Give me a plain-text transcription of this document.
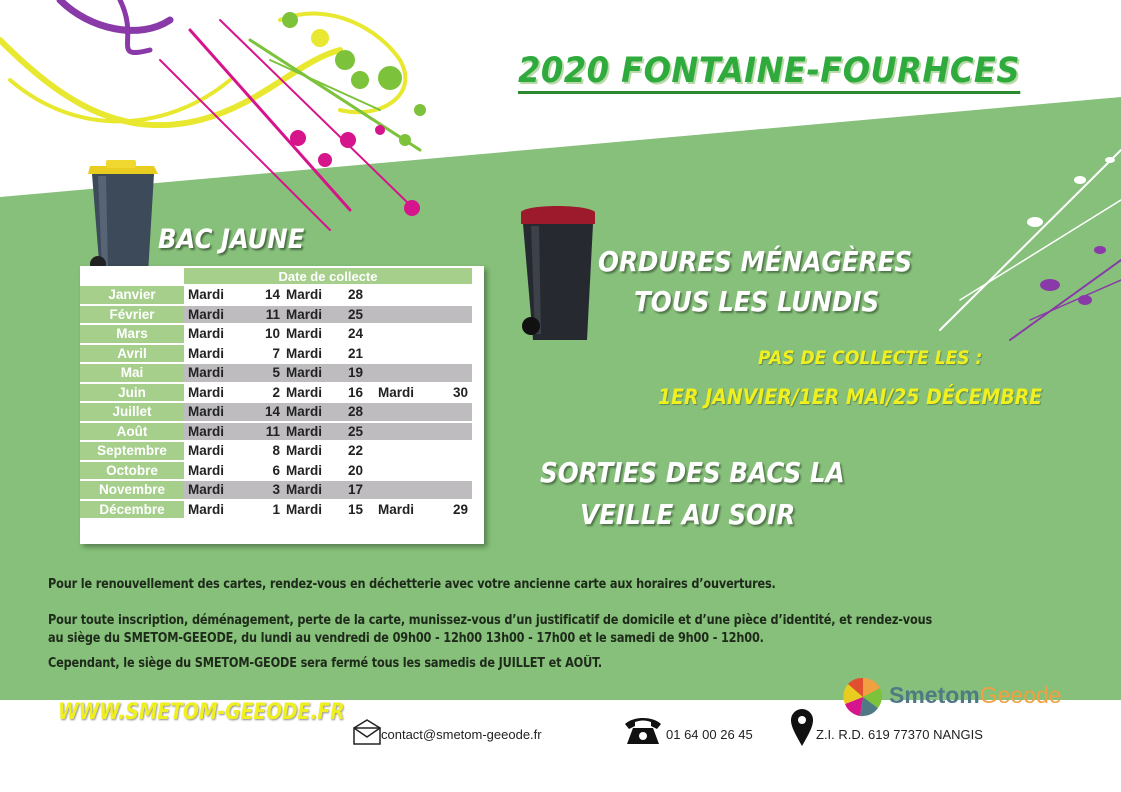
2020 FONTAINE-FOURHCES
BAC JAUNE
	Date de collecte					
Janvier	Mardi	14	Mardi	28		
Février	Mardi	11	Mardi	25		
Mars	Mardi	10	Mardi	24		
Avril	Mardi	7	Mardi	21		
Mai	Mardi	5	Mardi	19		
Juin	Mardi	2	Mardi	16	Mardi	30
Juillet	Mardi	14	Mardi	28		
Août	Mardi	11	Mardi	25		
Septembre	Mardi	8	Mardi	22		
Octobre	Mardi	6	Mardi	20		
Novembre	Mardi	3	Mardi	17		
Décembre	Mardi	1	Mardi	15	Mardi	29
ORDURES MÉNAGÈRES
TOUS LES LUNDIS
PAS DE COLLECTE LES :
1ER JANVIER/1ER MAI/25 DÉCEMBRE
SORTIES DES BACS LA
VEILLE AU SOIR
Pour le renouvellement des cartes, rendez-vous en déchetterie avec votre ancienne carte aux horaires d’ouvertures.
Pour toute inscription, déménagement, perte de la carte, munissez-vous d’un justificatif de domicile et d’une pièce d’identité, et rendez-vous
au siège du SMETOM-GEEODE, du lundi au vendredi de 09h00 - 12h00 13h00 - 17h00 et le samedi de 9h00 - 12h00.
Cependant, le siège du SMETOM-GEODE sera fermé tous les samedis de JUILLET et AOÛT.
WWW.SMETOM-GEEODE.FR
SmetomGeeode
contact@smetom-geeode.fr	01 64 00 26 45	Z.I. R.D. 619 77370 NANGIS
